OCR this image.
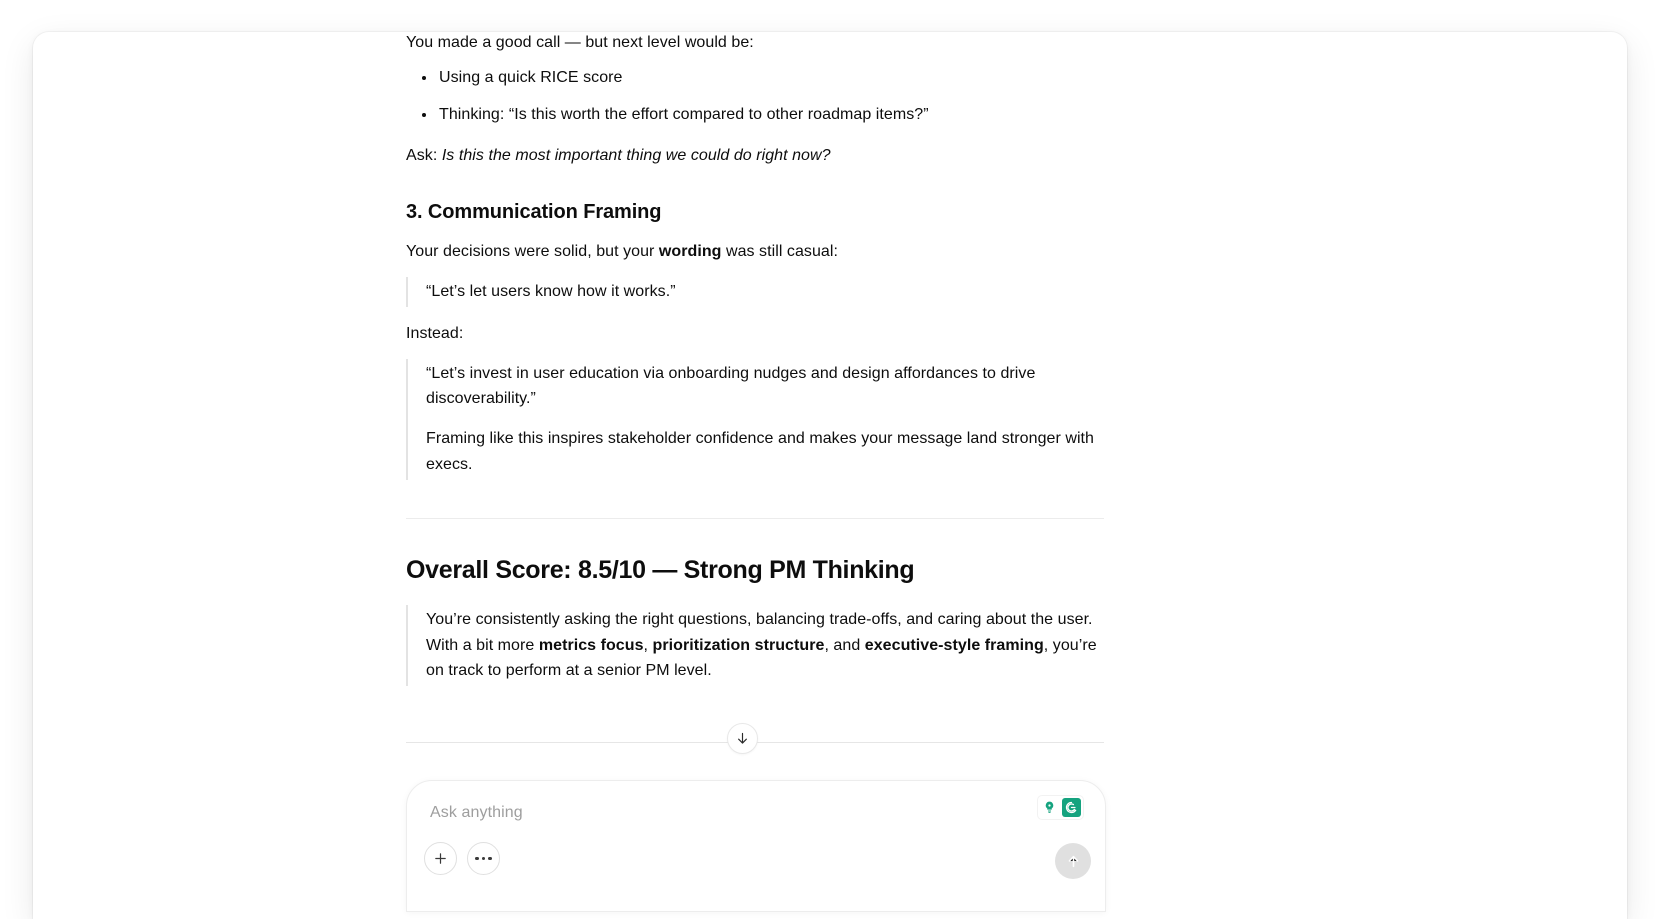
You made a good call — but next level would be:

Using a quick RICE score
Thinking: “Is this worth the effort compared to other roadmap items?”

Ask: Is this the most important thing we could do right now?

3. Communication Framing

Your decisions were solid, but your wording was still casual:

“Let’s let users know how it works.”

Instead:

“Let’s invest in user education via onboarding nudges and design affordances to drive discoverability.”

Framing like this inspires stakeholder confidence and makes your message land stronger with execs.

Overall Score: 8.5/10 — Strong PM Thinking

You’re consistently asking the right questions, balancing trade-offs, and caring about the user. With a bit more metrics focus, prioritization structure, and executive-style framing, you’re on track to perform at a senior PM level.

Ask anything
